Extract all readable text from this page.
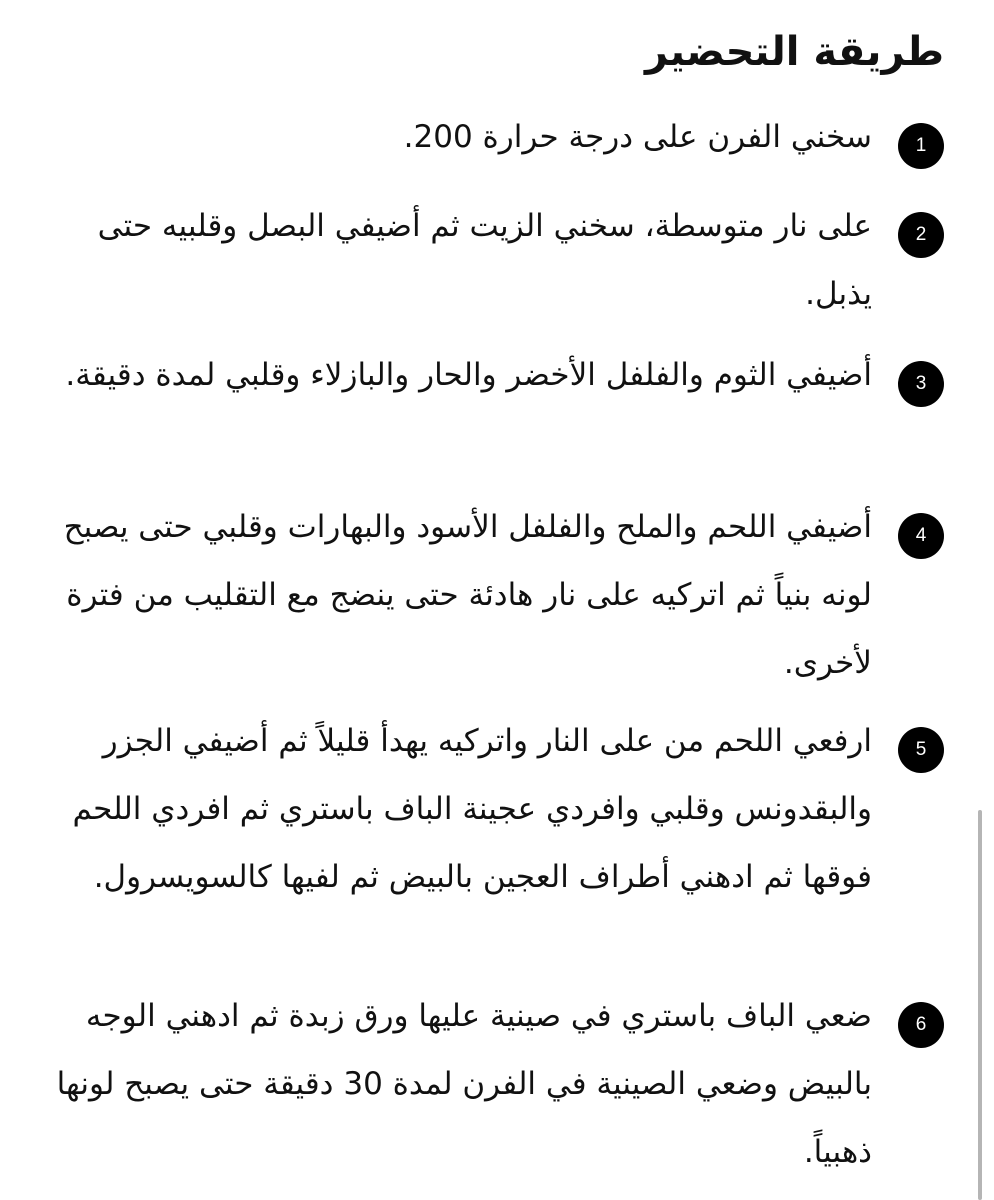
طريقة التحضير
1

سخني الفرن على درجة حرارة 200.

2

على نار متوسطة، سخني الزيت ثم أضيفي البصل وقلبيه حتى يذبل.

3

أضيفي الثوم والفلفل الأخضر والحار والبازلاء وقلبي لمدة دقيقة.

4

أضيفي اللحم والملح والفلفل الأسود والبهارات وقلبي حتى يصبح لونه بنياً ثم اتركيه على نار هادئة حتى ينضج مع التقليب من فترة لأخرى.

5

ارفعي اللحم من على النار واتركيه يهدأ قليلاً ثم أضيفي الجزر والبقدونس وقلبي وافردي عجينة الباف باستري ثم افردي اللحم فوقها ثم ادهني أطراف العجين بالبيض ثم لفيها كالسويسرول.

6

ضعي الباف باستري في صينية عليها ورق زبدة ثم ادهني الوجه بالبيض وضعي الصينية في الفرن لمدة 30 دقيقة حتى يصبح لونها ذهبياً.
